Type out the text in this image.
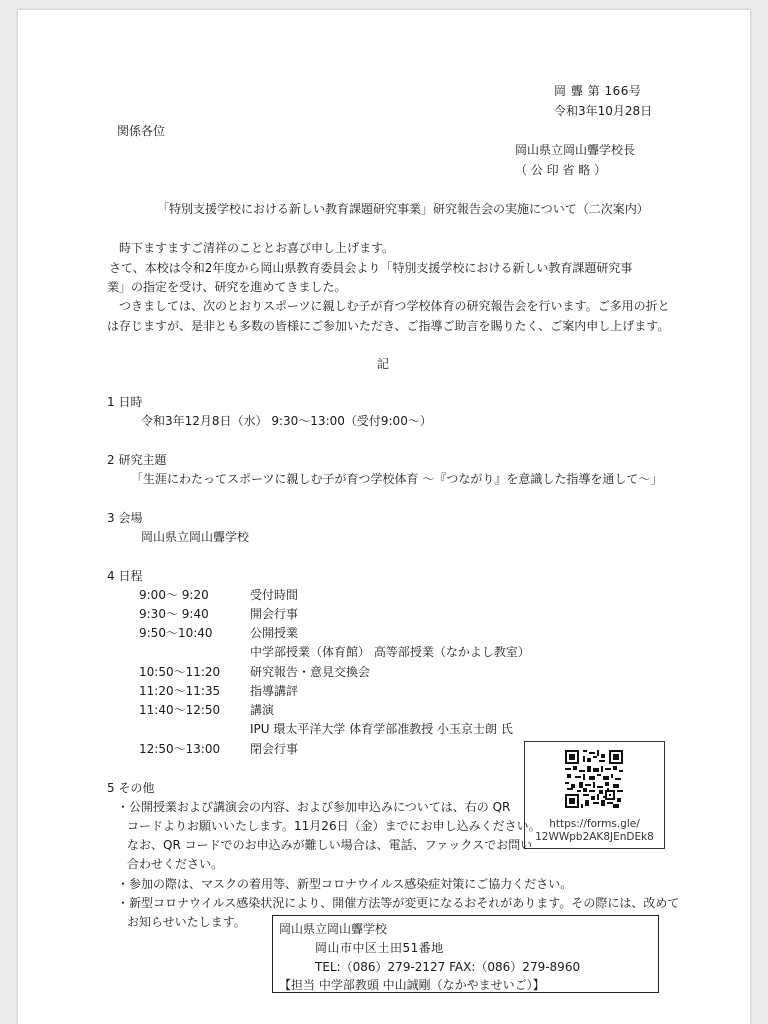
岡 聾 第 166号
令和3年10月28日
関係各位
岡山県立岡山聾学校長
（ 公 印 省 略 ）
「特別支援学校における新しい教育課題研究事業」研究報告会の実施について（二次案内）
時下ますますご清祥のこととお喜び申し上げます。
さて、本校は令和2年度から岡山県教育委員会より「特別支援学校における新しい教育課題研究事
業」の指定を受け、研究を進めてきました。
つきましては、次のとおりスポーツに親しむ子が育つ学校体育の研究報告会を行います。ご多用の折と
は存じますが、是非とも多数の皆様にご参加いただき、ご指導ご助言を賜りたく、ご案内申し上げます。
記
1 日時
令和3年12月8日（水） 9:30～13:00（受付9:00～）
2 研究主題
「生涯にわたってスポーツに親しむ子が育つ学校体育 ～『つながり』を意識した指導を通して～」
3 会場
岡山県立岡山聾学校
4 日程
9:00～ 9:20	受付時間
9:30～ 9:40	開会行事
9:50～10:40	公開授業
中学部授業（体育館） 高等部授業（なかよし教室）
10:50～11:20 研究報告・意見交換会
11:20～11:35 指導講評
11:40～12:50 講演
IPU 環太平洋大学 体育学部准教授 小玉京士朗 氏
12:50～13:00 閉会行事
https://forms.gle/
12WWpb2AK8JEnDEk8
5 その他
・公開授業および講演会の内容、および参加申込みについては、右の QR
コードよりお願いいたします。11月26日（金）までにお申し込みください。
なお、QR コードでのお申込みが難しい場合は、電話、ファックスでお問い
合わせください。
・参加の際は、マスクの着用等、新型コロナウイルス感染症対策にご協力ください。
・新型コロナウイルス感染状況により、開催方法等が変更になるおそれがあります。その際には、改めて
お知らせいたします。	岡山県立岡山聾学校
岡山市中区土田51番地
TEL:（086）279-2127 FAX:（086）279-8960
【担当 中学部教頭 中山誠剛（なかやませいご）】
